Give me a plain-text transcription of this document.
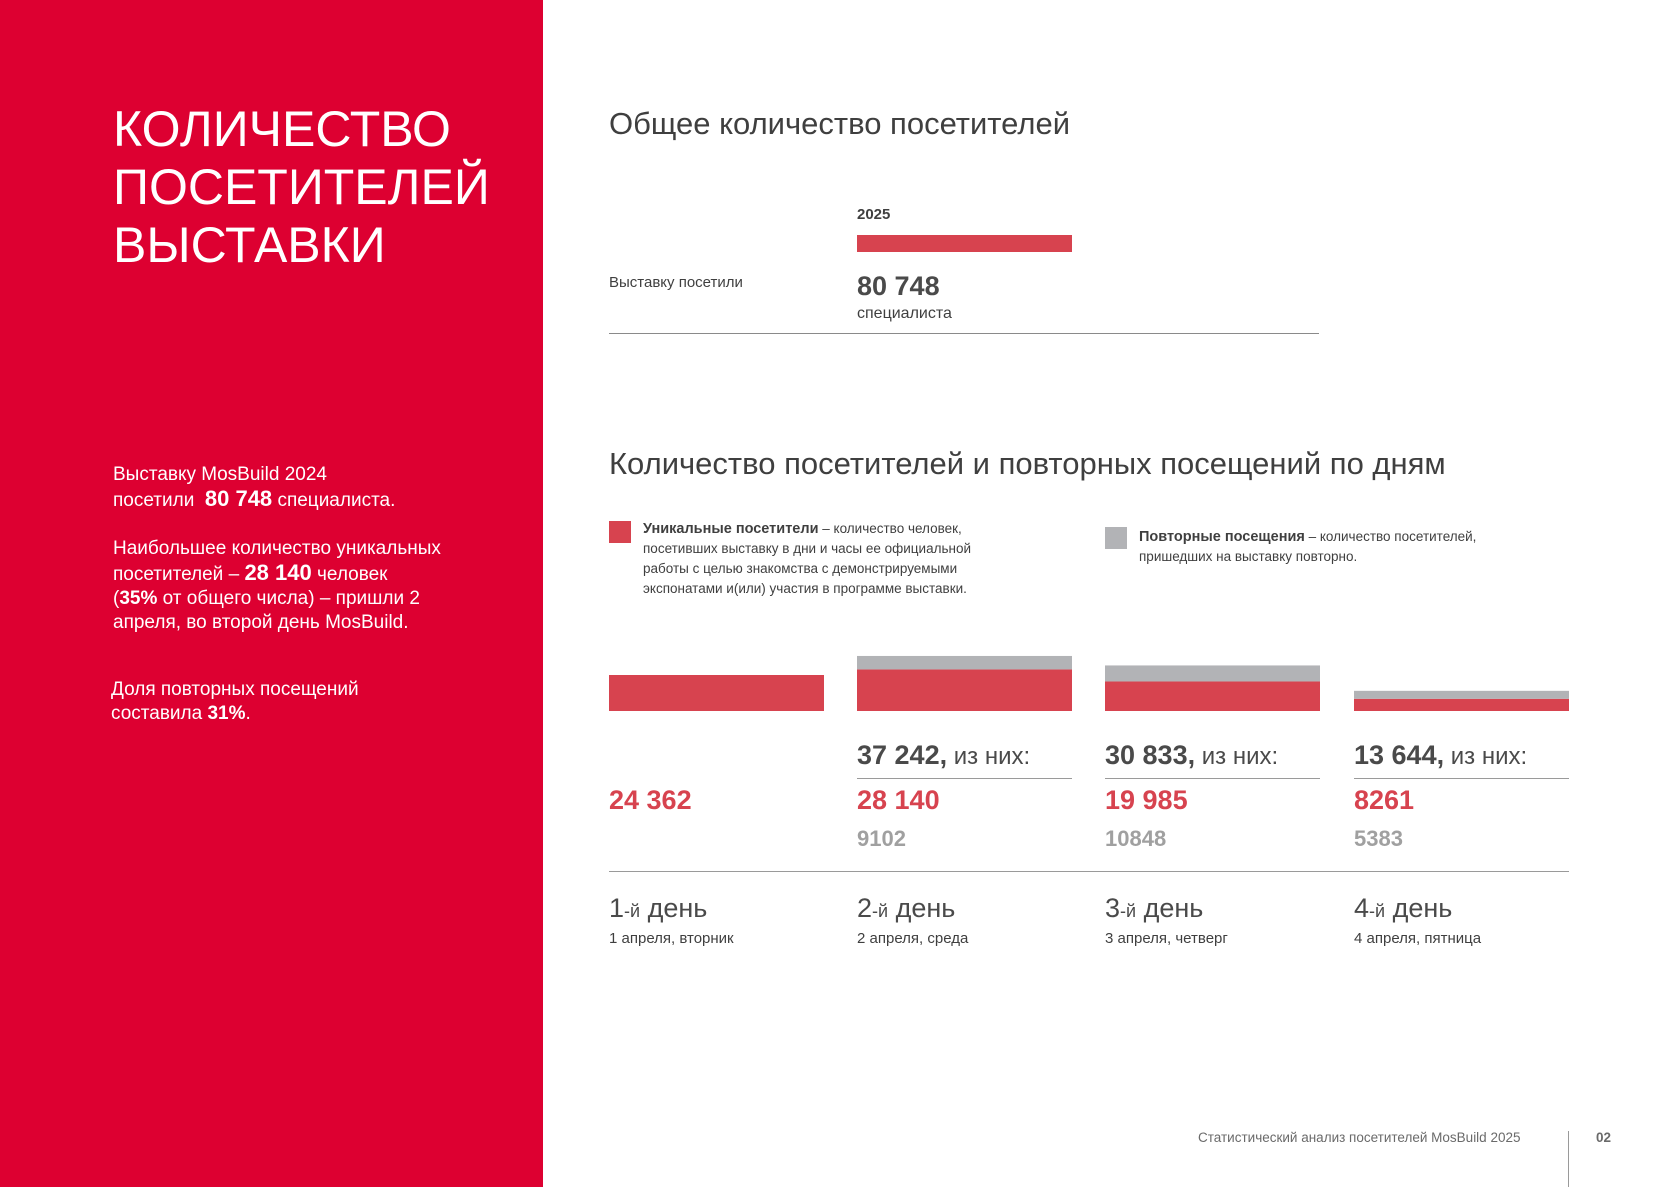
КОЛИЧЕСТВО
ПОСЕТИТЕЛЕЙ
ВЫСТАВКИ
Выставку MosBuild 2024
посетили 80 748 специалиста.
Наибольшее количество уникальных
посетителей – 28 140 человек
(35% от общего числа) – пришли 2
апреля, во второй день MosBuild.
Доля повторных посещений
составила 31%.
Общее количество посетителей
2025
Выставку посетили	80 748
специалиста
Количество посетителей и повторных посещений по дням
Уникальные посетители – количество человек, посетивших выставку в дни и часы ее официальной работы с целью знакомства с демонстрируемыми экспонатами и(или) участия в программе выставки.
Повторные посещения – количество посетителей, пришедших на выставку повторно.
24 362
1-й день
1 апреля, вторник
37 242, из них:
28 140
9102
2-й день
2 апреля, среда
30 833, из них:
19 985
10848
3-й день
3 апреля, четверг
13 644, из них:
8261
5383
4-й день
4 апреля, пятница
Статистический анализ посетителей MosBuild 2025	02
